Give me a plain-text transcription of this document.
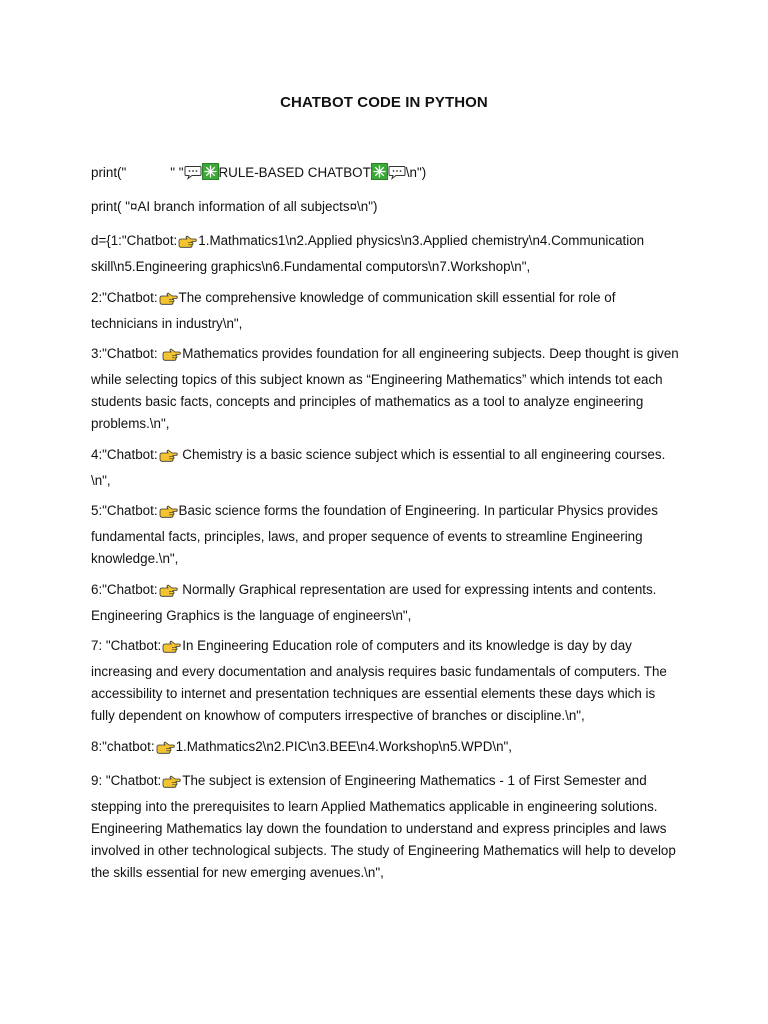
CHATBOT CODE IN PYTHON
print("	" "	RULE-BASED CHATBOT	\n")
print( "¤AI branch information of all subjects¤\n")
d={1:"Chatbot: 1.Mathmatics1\n2.Applied physics\n3.Applied chemistry\n4.Communication skill\n5.Engineering graphics\n6.Fundamental computors\n7.Workshop\n",
2:"Chatbot: The comprehensive knowledge of communication skill essential for role of technicians in industry\n",
3:"Chatbot: Mathematics provides foundation for all engineering subjects. Deep thought is given while selecting topics of this subject known as “Engineering Mathematics” which intends tot each students basic facts, concepts and principles of mathematics as a tool to analyze engineering problems.\n",
4:"Chatbot: Chemistry is a basic science subject which is essential to all engineering courses. \n",
5:"Chatbot: Basic science forms the foundation of Engineering. In particular Physics provides fundamental facts, principles, laws, and proper sequence of events to streamline Engineering knowledge.\n",
6:"Chatbot: Normally Graphical representation are used for expressing intents and contents. Engineering Graphics is the language of engineers\n",
7: "Chatbot: In Engineering Education role of computers and its knowledge is day by day increasing and every documentation and analysis requires basic fundamentals of computers. The accessibility to internet and presentation techniques are essential elements these days which is fully dependent on knowhow of computers irrespective of branches or discipline.\n",
8:"chatbot: 1.Mathmatics2\n2.PIC\n3.BEE\n4.Workshop\n5.WPD\n",
9: "Chatbot: The subject is extension of Engineering Mathematics - 1 of First Semester and stepping into the prerequisites to learn Applied Mathematics applicable in engineering solutions. Engineering Mathematics lay down the foundation to understand and express principles and laws involved in other technological subjects. The study of Engineering Mathematics will help to develop the skills essential for new emerging avenues.\n",
